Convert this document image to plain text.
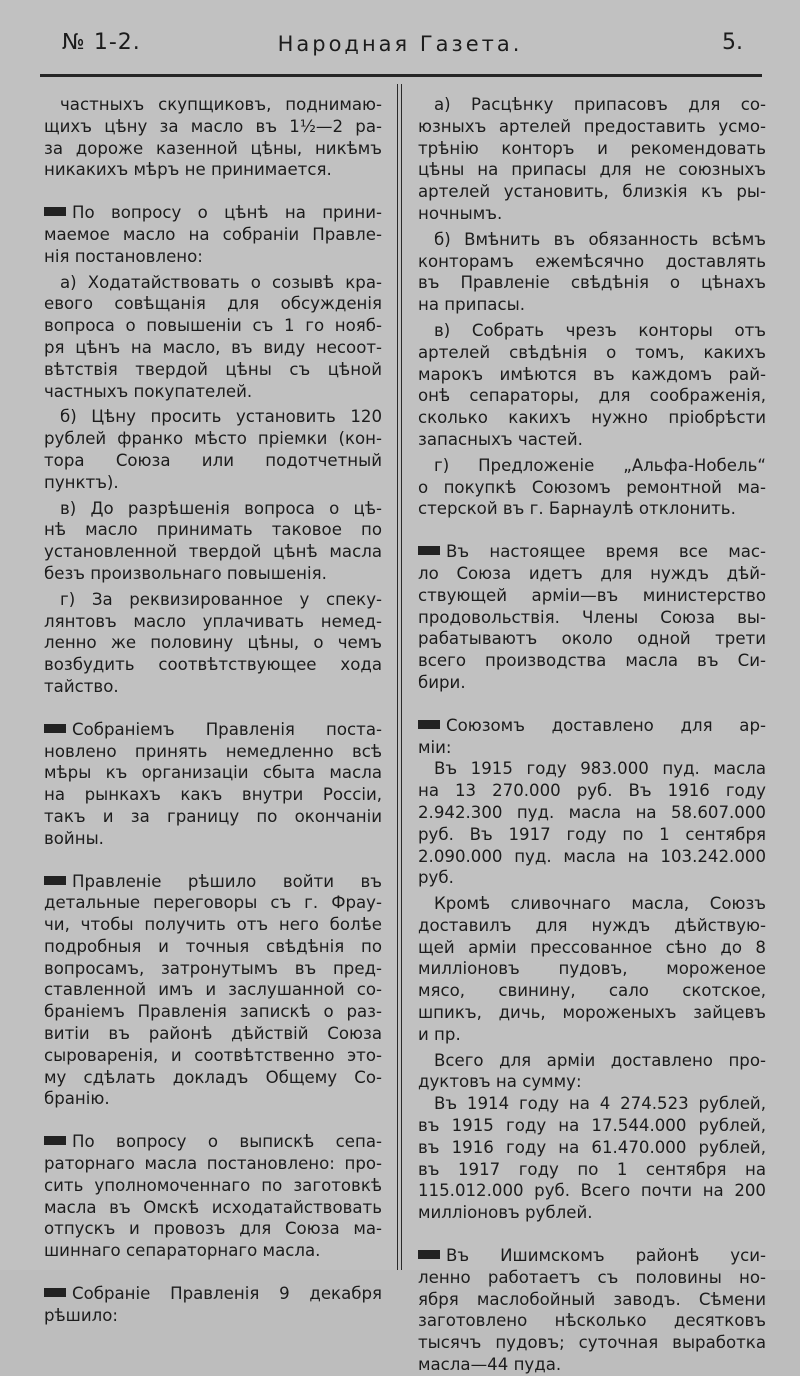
№ 1-2.	Народная Газета.	5.
частныхъ скупщиковъ, поднимаю-
щихъ цѣну за масло въ 1½—2 ра-
за дороже казенной цѣны, никѣмъ
никакихъ мѣръ не принимается.
По вопросу о цѣнѣ на прини-
маемое масло на собраніи Правле-
нія постановлено:
а) Ходатайствовать о созывѣ кра-
евого совѣщанія для обсужденія
вопроса о повышеніи съ 1 го нояб-
ря цѣнъ на масло, въ виду несоот-
вѣтствія твердой цѣны съ цѣной
частныхъ покупателей.
б) Цѣну просить установить 120
рублей франко мѣсто пріемки (кон-
тора Союза или подотчетный
пунктъ).
в) До разрѣшенія вопроса о цѣ-
нѣ масло принимать таковое по
установленной твердой цѣнѣ масла
безъ произвольнаго повышенія.
г) За реквизированное у спеку-
лянтовъ масло уплачивать немед-
ленно же половину цѣны, о чемъ
возбудить соотвѣтствующее хода
тайство.
Собраніемъ Правленія поста-
новлено принять немедленно всѣ
мѣры къ организаціи сбыта масла
на рынкахъ какъ внутри Россіи,
такъ и за границу по окончаніи
войны.
Правленіе рѣшило войти въ
детальные переговоры съ г. Фрау-
чи, чтобы получить отъ него болѣе
подробныя и точныя свѣдѣнія по
вопросамъ, затронутымъ въ пред-
ставленной имъ и заслушанной со-
браніемъ Правленія запискѣ о раз-
витіи въ районѣ дѣйствій Союза
сыроваренія, и соотвѣтственно это-
му сдѣлать докладъ Общему Со-
бранію.
По вопросу о выпискѣ сепа-
раторнаго масла постановлено: про-
сить уполномоченнаго по заготовкѣ
масла въ Омскѣ исходатайствовать
отпускъ и провозъ для Союза ма-
шиннаго сепараторнаго масла.
Собраніе Правленія 9 декабря
рѣшило:
а) Расцѣнку припасовъ для со-
юзныхъ артелей предоставить усмо-
трѣнію конторъ и рекомендовать
цѣны на припасы для не союзныхъ
артелей установить, близкія къ ры-
ночнымъ.
б) Вмѣнить въ обязанность всѣмъ
конторамъ ежемѣсячно доставлять
въ Правленіе свѣдѣнія о цѣнахъ
на припасы.
в) Собрать чрезъ конторы отъ
артелей свѣдѣнія о томъ, какихъ
марокъ имѣются въ каждомъ рай-
онѣ сепараторы, для соображенія,
сколько какихъ нужно пріобрѣсти
запасныхъ частей.
г) Предложеніе „Альфа-Нобель“
о покупкѣ Союзомъ ремонтной ма-
стерской въ г. Барнаулѣ отклонить.
Въ настоящее время все мас-
ло Союза идетъ для нуждъ дѣй-
ствующей арміи—въ министерство
продовольствія. Члены Союза вы-
рабатываютъ около одной трети
всего производства масла въ Си-
бири.
Союзомъ доставлено для ар-
міи:
Въ 1915 году 983.000 пуд. масла
на 13 270.000 руб. Въ 1916 году
2.942.300 пуд. масла на 58.607.000
руб. Въ 1917 году по 1 сентября
2.090.000 пуд. масла на 103.242.000
руб.
Кромѣ сливочнаго масла, Союзъ
доставилъ для нуждъ дѣйствую-
щей арміи прессованное сѣно до 8
милліоновъ пудовъ, мороженое
мясо, свинину, сало скотское,
шпикъ, дичь, мороженыхъ зайцевъ
и пр.
Всего для арміи доставлено про-
дуктовъ на сумму:
Въ 1914 году на 4 274.523 рублей,
въ 1915 году на 17.544.000 рублей,
въ 1916 году на 61.470.000 рублей,
въ 1917 году по 1 сентября на
115.012.000 руб. Всего почти на 200
милліоновъ рублей.
Въ Ишимскомъ районѣ уси-
ленно работаетъ съ половины но-
ября маслобойный заводъ. Сѣмени
заготовлено нѣсколько десятковъ
тысячъ пудовъ; суточная выработка
масла—44 пуда.
